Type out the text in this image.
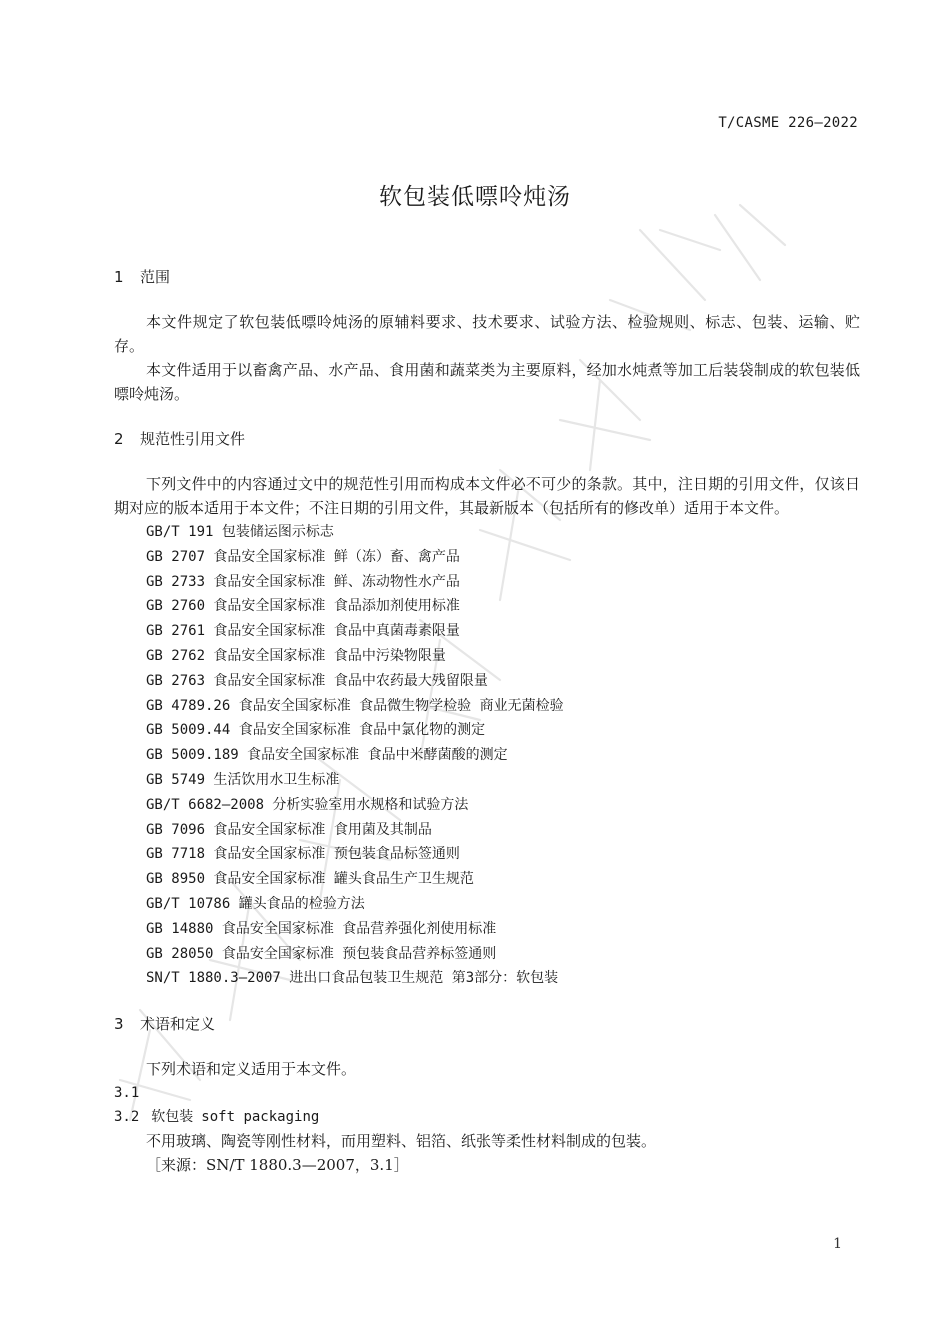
T/CASME 226—2022
软包装低嘌呤炖汤

1 范围

本文件规定了软包装低嘌呤炖汤的原辅料要求、技术要求、试验方法、检验规则、标志、包装、运输、贮存。

本文件适用于以畜禽产品、水产品、食用菌和蔬菜类为主要原料，经加水炖煮等加工后装袋制成的软包装低嘌呤炖汤。

2 规范性引用文件

下列文件中的内容通过文中的规范性引用而构成本文件必不可少的条款。其中，注日期的引用文件，仅该日期对应的版本适用于本文件；不注日期的引用文件，其最新版本（包括所有的修改单）适用于本文件。

GB/T 191 包装储运图示标志
GB 2707 食品安全国家标准 鲜（冻）畜、禽产品
GB 2733 食品安全国家标准 鲜、冻动物性水产品
GB 2760 食品安全国家标准 食品添加剂使用标准
GB 2761 食品安全国家标准 食品中真菌毒素限量
GB 2762 食品安全国家标准 食品中污染物限量
GB 2763 食品安全国家标准 食品中农药最大残留限量
GB 4789.26 食品安全国家标准 食品微生物学检验 商业无菌检验
GB 5009.44 食品安全国家标准 食品中氯化物的测定
GB 5009.189 食品安全国家标准 食品中米酵菌酸的测定
GB 5749 生活饮用水卫生标准
GB/T 6682—2008 分析实验室用水规格和试验方法
GB 7096 食品安全国家标准 食用菌及其制品
GB 7718 食品安全国家标准 预包装食品标签通则
GB 8950 食品安全国家标准 罐头食品生产卫生规范
GB/T 10786 罐头食品的检验方法
GB 14880 食品安全国家标准 食品营养强化剂使用标准
GB 28050 食品安全国家标准 预包装食品营养标签通则
SN/T 1880.3—2007 进出口食品包装卫生规范 第3部分：软包装

3 术语和定义

下列术语和定义适用于本文件。

3.1

3.2 软包装 soft packaging

不用玻璃、陶瓷等刚性材料，而用塑料、铝箔、纸张等柔性材料制成的包装。

［来源：SN/T 1880.3—2007，3.1］

1
